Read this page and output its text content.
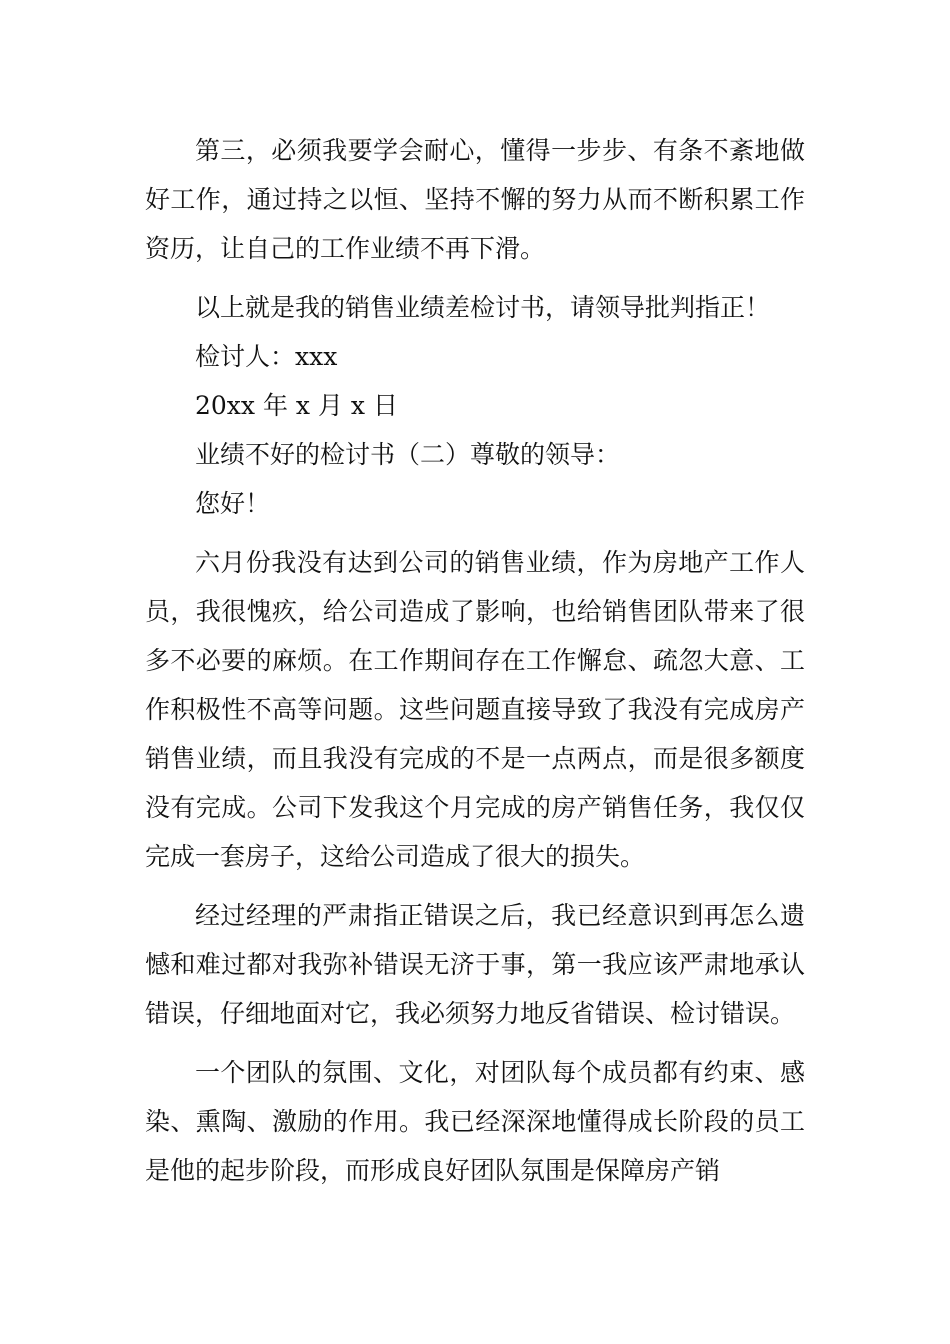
第三，必须我要学会耐心，懂得一步步、有条不紊地做好工作，通过持之以恒、坚持不懈的努力从而不断积累工作资历，让自己的工作业绩不再下滑。

以上就是我的销售业绩差检讨书，请领导批判指正！

检讨人：xxx

20xx 年 x 月 x 日

业绩不好的检讨书（二）尊敬的领导：

您好！

六月份我没有达到公司的销售业绩，作为房地产工作人员，我很愧疚，给公司造成了影响，也给销售团队带来了很多不必要的麻烦。在工作期间存在工作懈怠、疏忽大意、工作积极性不高等问题。这些问题直接导致了我没有完成房产销售业绩，而且我没有完成的不是一点两点，而是很多额度没有完成。公司下发我这个月完成的房产销售任务，我仅仅完成一套房子，这给公司造成了很大的损失。

经过经理的严肃指正错误之后，我已经意识到再怎么遗憾和难过都对我弥补错误无济于事，第一我应该严肃地承认错误，仔细地面对它，我必须努力地反省错误、检讨错误。

一个团队的氛围、文化，对团队每个成员都有约束、感染、熏陶、激励的作用。我已经深深地懂得成长阶段的员工是他的起步阶段，而形成良好团队氛围是保障房产销
